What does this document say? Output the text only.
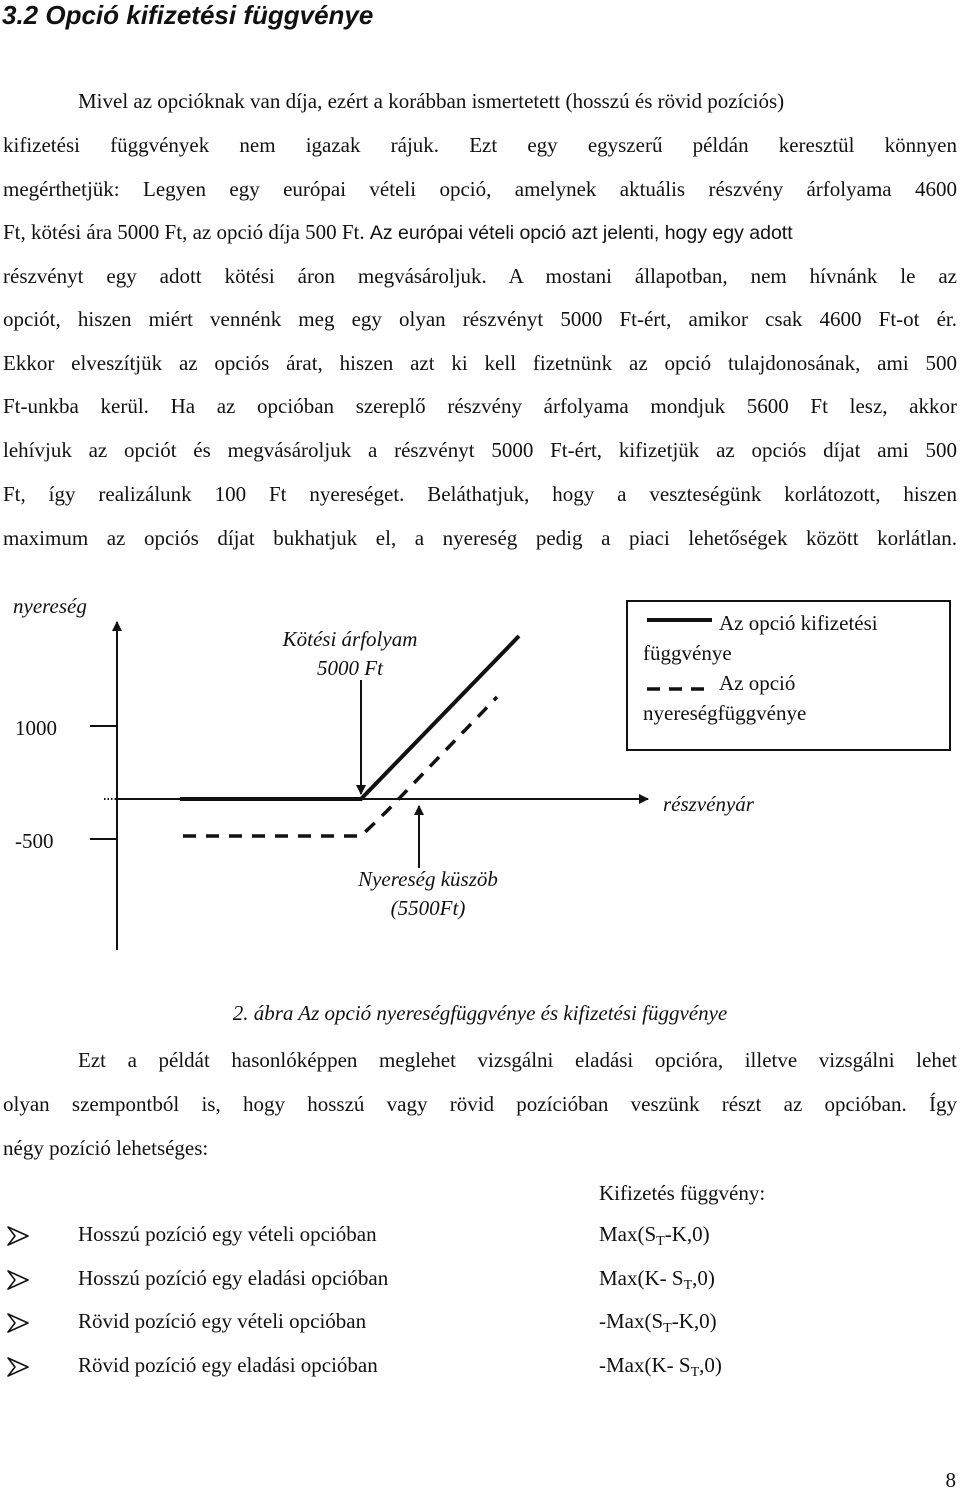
3.2 Opció kifizetési függvénye
Mivel az opcióknak van díja, ezért a korábban ismertetett (hosszú és rövid pozíciós)
kifizetési függvények nem igazak rájuk. Ezt egy egyszerű példán keresztül könnyen
megérthetjük: Legyen egy európai vételi opció, amelynek aktuális részvény árfolyama 4600
Ft, kötési ára 5000 Ft, az opció díja 500 Ft. Az európai vételi opció azt jelenti, hogy egy adott
részvényt egy adott kötési áron megvásároljuk. A mostani állapotban, nem hívnánk le az
opciót, hiszen miért vennénk meg egy olyan részvényt 5000 Ft-ért, amikor csak 4600 Ft-ot ér.
Ekkor elveszítjük az opciós árat, hiszen azt ki kell fizetnünk az opció tulajdonosának, ami 500
Ft-unkba kerül. Ha az opcióban szereplő részvény árfolyama mondjuk 5600 Ft lesz, akkor
lehívjuk az opciót és megvásároljuk a részvényt 5000 Ft-ért, kifizetjük az opciós díjat ami 500
Ft, így realizálunk 100 Ft nyereséget. Beláthatjuk, hogy a veszteségünk korlátozott, hiszen
maximum az opciós díjat bukhatjuk el, a nyereség pedig a piaci lehetőségek között korlátlan.
1000
-500
nyereség
Kötési árfolyam
5000 Ft
Nyereség küszöb
(5500Ft)
részvényár
Az opció kifizetési
függvénye
Az opció
nyereségfüggvénye
2. ábra Az opció nyereségfüggvénye és kifizetési függvénye
Ezt a példát hasonlóképpen meglehet vizsgálni eladási opcióra, illetve vizsgálni lehet
olyan szempontból is, hogy hosszú vagy rövid pozícióban veszünk részt az opcióban. Így
négy pozíció lehetséges:
Kifizetés függvény:
Hosszú pozíció egy vételi opcióban	$Max(S_T-K,0)$
Hosszú pozíció egy eladási opcióban	Max(K- $S_T,0$)
Rövid pozíció egy vételi opcióban	$-Max(S_T-K,0)$
Rövid pozíció egy eladási opcióban	-Max(K- $S_T,0$)
8
